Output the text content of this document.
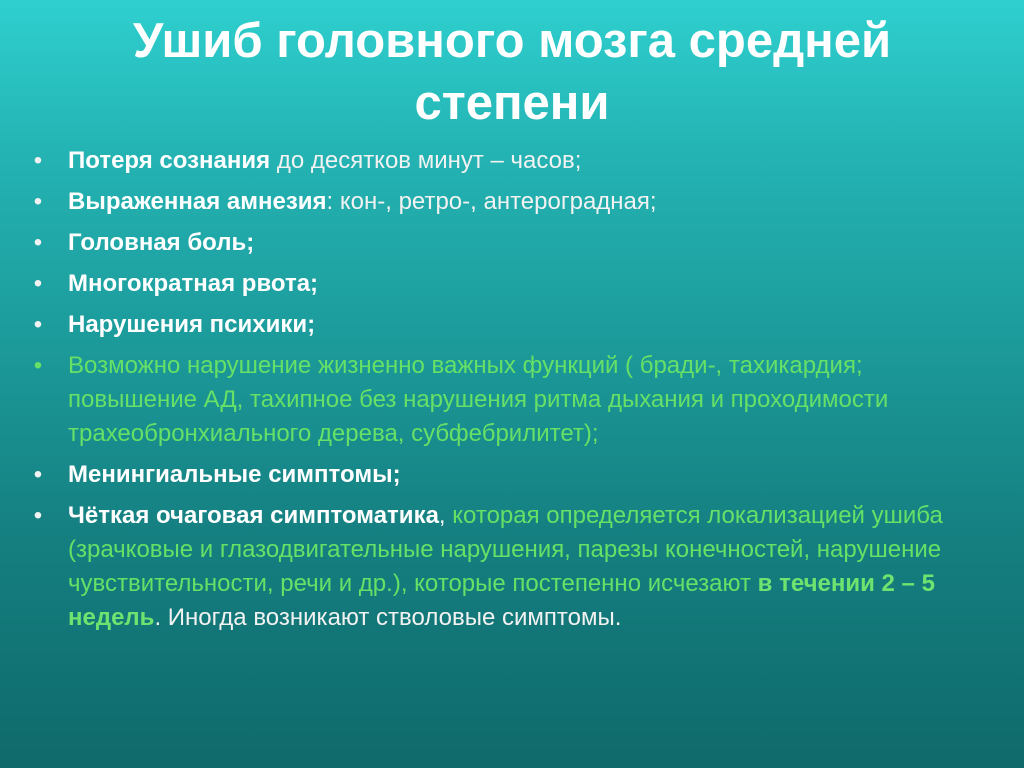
Ушиб головного мозга средней
степени
• Потеря сознания до десятков минут – часов;
• Выраженная амнезия: кон-, ретро-, антероградная;
• Головная боль;
• Многократная рвота;
• Нарушения психики;
• Возможно нарушение жизненно важных функций ( бради-, тахикардия; повышение АД, тахипное без нарушения ритма дыхания и проходимости трахеобронхиального дерева, субфебрилитет);
• Менингиальные симптомы;
• Чёткая очаговая симптоматика, которая определяется локализацией ушиба (зрачковые и глазодвигательные нарушения, парезы конечностей, нарушение чувствительности, речи и др.), которые постепенно исчезают в течении 2 – 5 недель. Иногда возникают стволовые симптомы.
